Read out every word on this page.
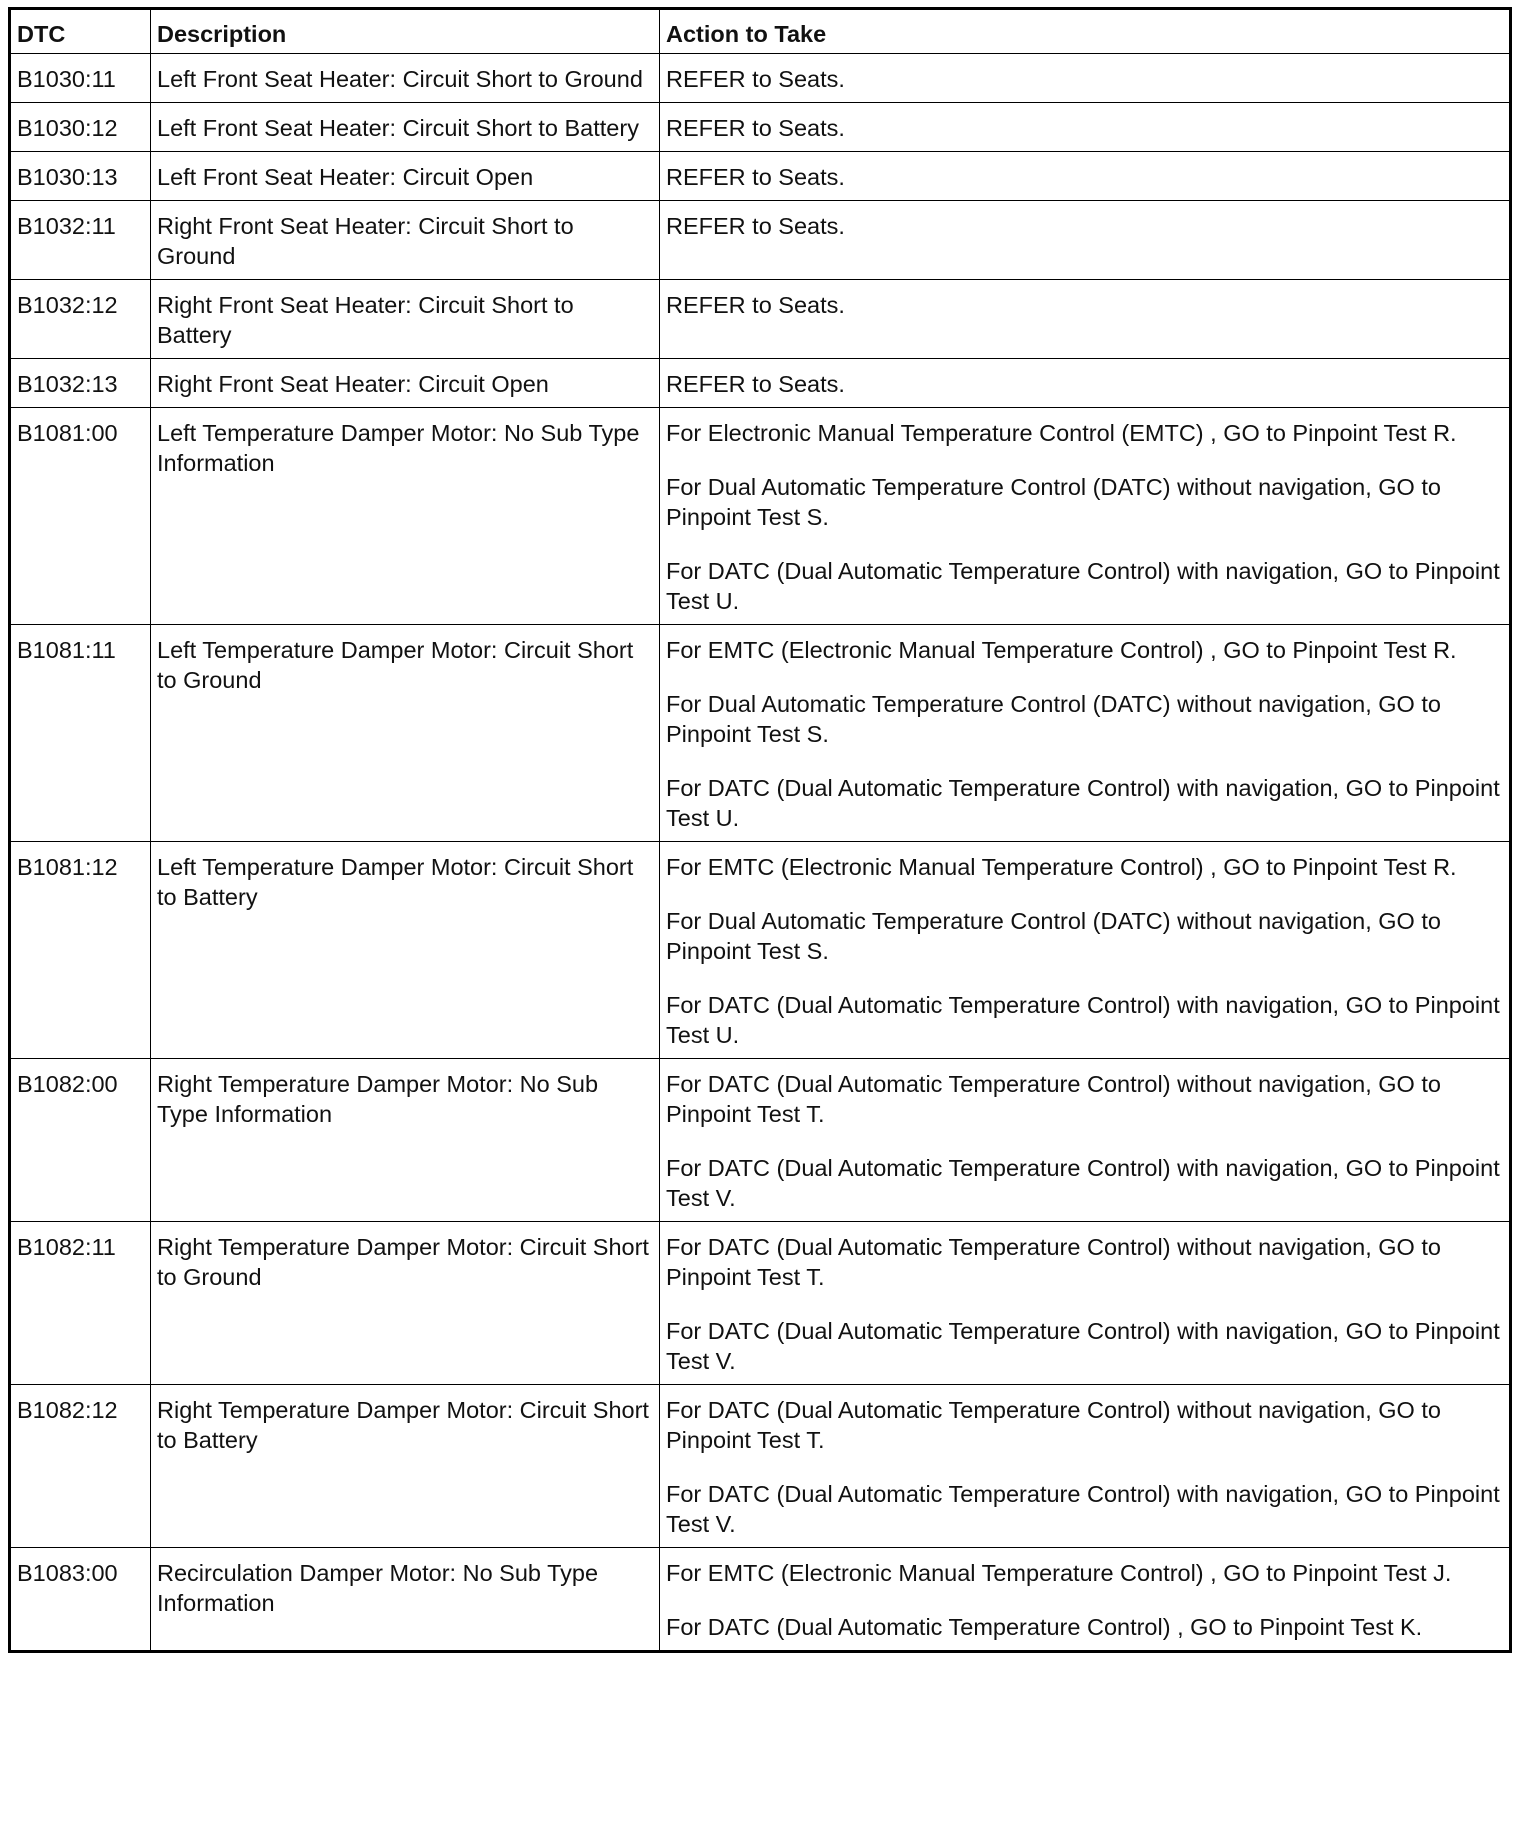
DTC	Description	Action to Take
B1030:11	Left Front Seat Heater: Circuit Short to Ground	REFER to Seats.

B1030:12	Left Front Seat Heater: Circuit Short to Battery	REFER to Seats.

B1030:13	Left Front Seat Heater: Circuit Open	REFER to Seats.

B1032:11	Right Front Seat Heater: Circuit Short to Ground	REFER to Seats.

B1032:12	Right Front Seat Heater: Circuit Short to Battery	REFER to Seats.

B1032:13	Right Front Seat Heater: Circuit Open	REFER to Seats.

B1081:00	Left Temperature Damper Motor: No Sub Type Information	For Electronic Manual Temperature Control (EMTC) , GO to Pinpoint Test R.

For Dual Automatic Temperature Control (DATC) without navigation, GO to Pinpoint Test S.

For DATC (Dual Automatic Temperature Control) with navigation, GO to Pinpoint Test U.

B1081:11	Left Temperature Damper Motor: Circuit Short to Ground	For EMTC (Electronic Manual Temperature Control) , GO to Pinpoint Test R.

For Dual Automatic Temperature Control (DATC) without navigation, GO to Pinpoint Test S.

For DATC (Dual Automatic Temperature Control) with navigation, GO to Pinpoint Test U.

B1081:12	Left Temperature Damper Motor: Circuit Short to Battery	For EMTC (Electronic Manual Temperature Control) , GO to Pinpoint Test R.

For Dual Automatic Temperature Control (DATC) without navigation, GO to Pinpoint Test S.

For DATC (Dual Automatic Temperature Control) with navigation, GO to Pinpoint Test U.

B1082:00	Right Temperature Damper Motor: No Sub Type Information	For DATC (Dual Automatic Temperature Control) without navigation, GO to Pinpoint Test T.

For DATC (Dual Automatic Temperature Control) with navigation, GO to Pinpoint Test V.

B1082:11	Right Temperature Damper Motor: Circuit Short to Ground	For DATC (Dual Automatic Temperature Control) without navigation, GO to Pinpoint Test T.

For DATC (Dual Automatic Temperature Control) with navigation, GO to Pinpoint Test V.

B1082:12	Right Temperature Damper Motor: Circuit Short to Battery	For DATC (Dual Automatic Temperature Control) without navigation, GO to Pinpoint Test T.

For DATC (Dual Automatic Temperature Control) with navigation, GO to Pinpoint Test V.

B1083:00	Recirculation Damper Motor: No Sub Type Information	For EMTC (Electronic Manual Temperature Control) , GO to Pinpoint Test J.

For DATC (Dual Automatic Temperature Control) , GO to Pinpoint Test K.
